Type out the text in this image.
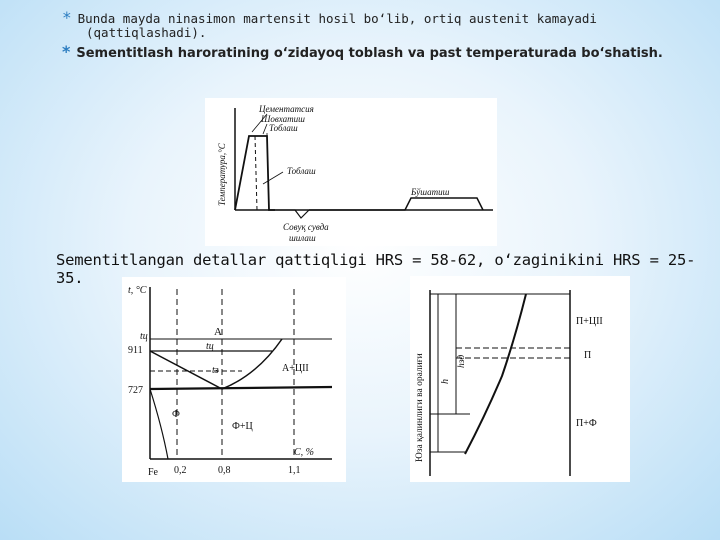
* Bunda mayda ninasimon martensit hosil bo‘lib, ortiq austenit kamayadi
(qattiqlashadi).
* Sementitlash haroratining o‘zidayoq toblash va past temperaturada bo‘shatish.
Температура,°С
Цементатсия
Шовхатиш
Тоблаш
Тоблаш
Бўшатиш
Совуқ сувда
шилаш
Sementitlangan detallar qattiqligi HRS = 58-62, o‘zaginikini HRS = 25-35.
t, °C
tц
911
727
A
tц
tз	A+ЦII
Ф
Ф+Ц
C, %
Fe 0,2	0,8	1,1
Юза қалинлиги ва оралиғи h
hзд
П+ЦII
П
П+Ф
